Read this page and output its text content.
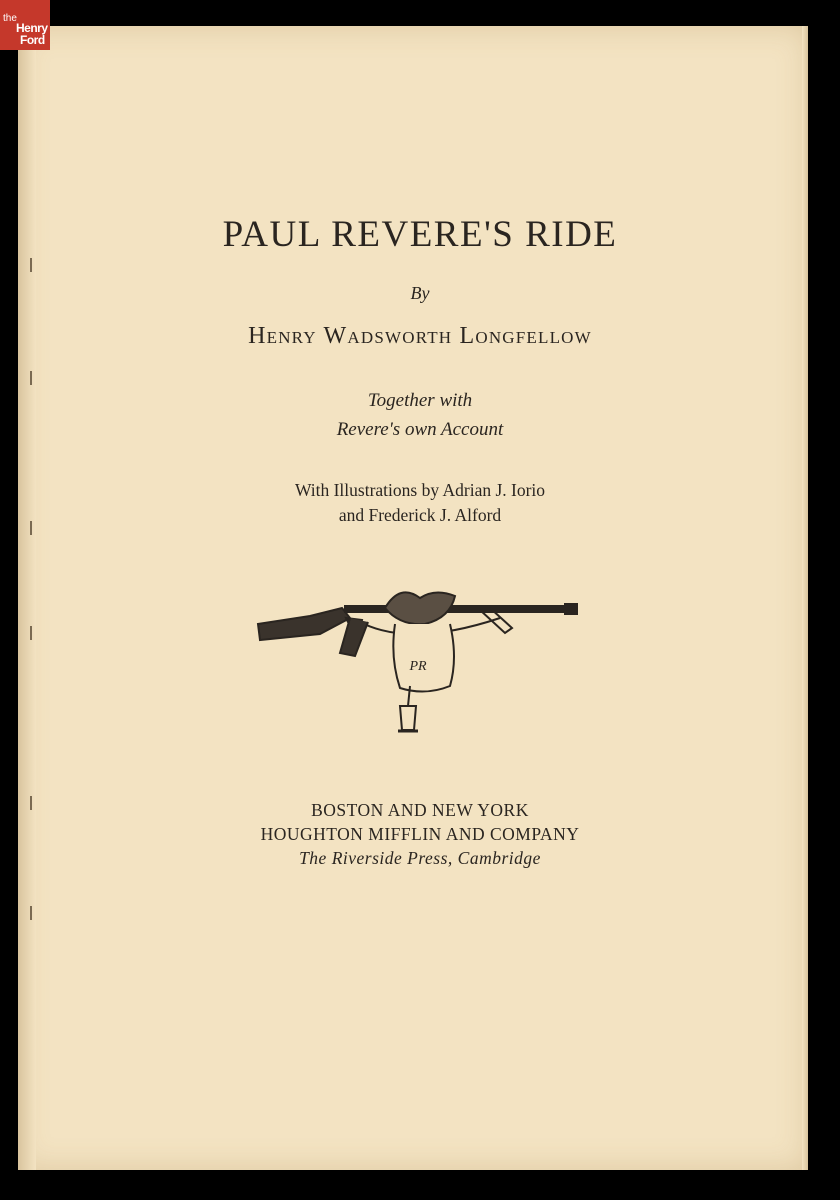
the
Henry
Ford
PAUL REVERE'S RIDE
By
Henry Wadsworth Longfellow
Together with
Revere's own Account
With Illustrations by Adrian J. Iorio
and Frederick J. Alford
PR
BOSTON AND NEW YORK
HOUGHTON MIFFLIN AND COMPANY
The Riverside Press, Cambridge
